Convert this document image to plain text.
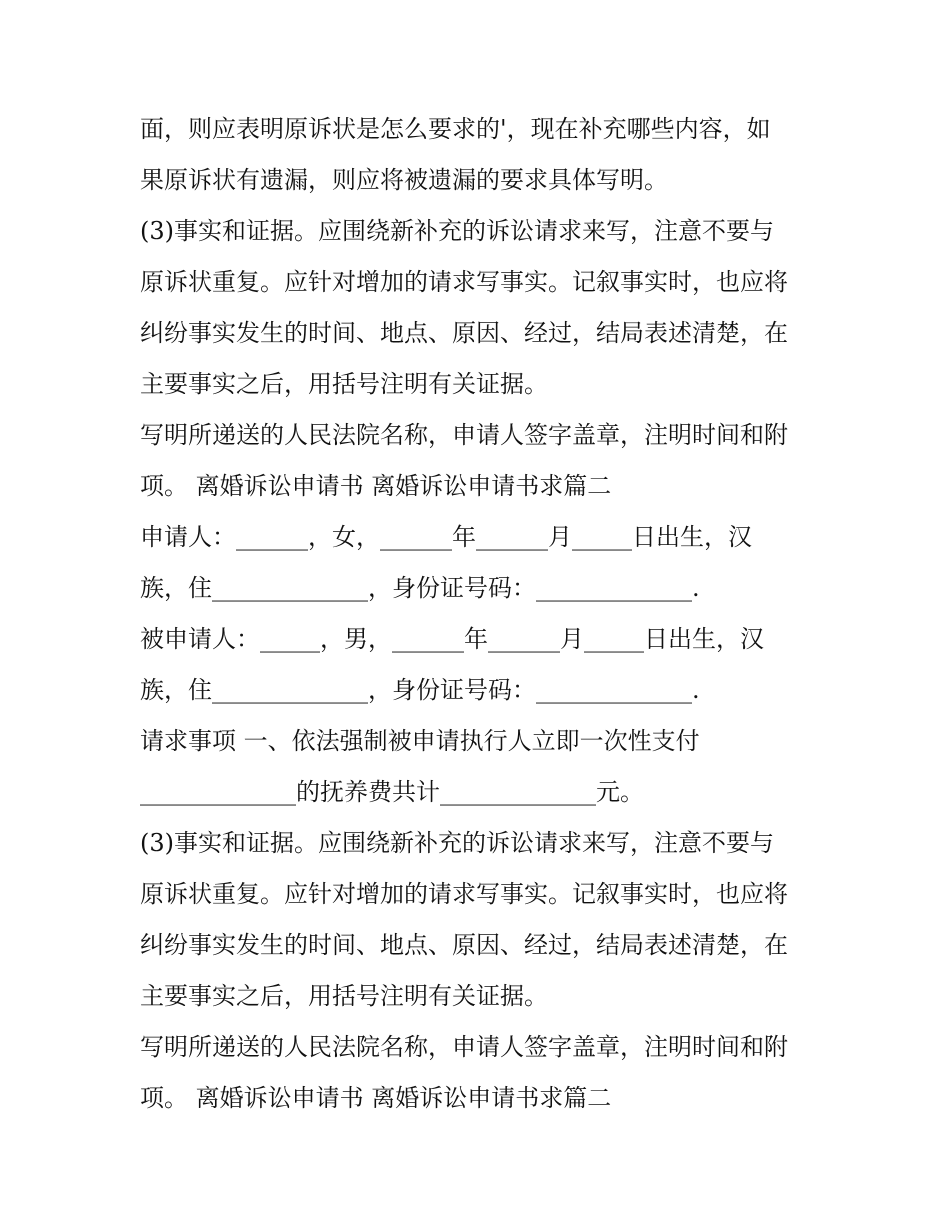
面，则应表明原诉状是怎么要求的'，现在补充哪些内容，如
果原诉状有遗漏，则应将被遗漏的要求具体写明。
(3)事实和证据。应围绕新补充的诉讼请求来写，注意不要与
原诉状重复。应针对增加的请求写事实。记叙事实时，也应将
纠纷事实发生的时间、地点、原因、经过，结局表述清楚，在
主要事实之后，用括号注明有关证据。
写明所递送的人民法院名称，申请人签字盖章，注明时间和附
项。 离婚诉讼申请书 离婚诉讼申请书求篇二
申请人：______，女，______年______月_____日出生，汉
族，住_____________，身份证号码：_____________.
被申请人：_____，男，______年______月_____日出生，汉
族，住_____________，身份证号码：_____________.
请求事项 一、依法强制被申请执行人立即一次性支付
_____________的抚养费共计_____________元。
(3)事实和证据。应围绕新补充的诉讼请求来写，注意不要与
原诉状重复。应针对增加的请求写事实。记叙事实时，也应将
纠纷事实发生的时间、地点、原因、经过，结局表述清楚，在
主要事实之后，用括号注明有关证据。
写明所递送的人民法院名称，申请人签字盖章，注明时间和附
项。 离婚诉讼申请书 离婚诉讼申请书求篇二
